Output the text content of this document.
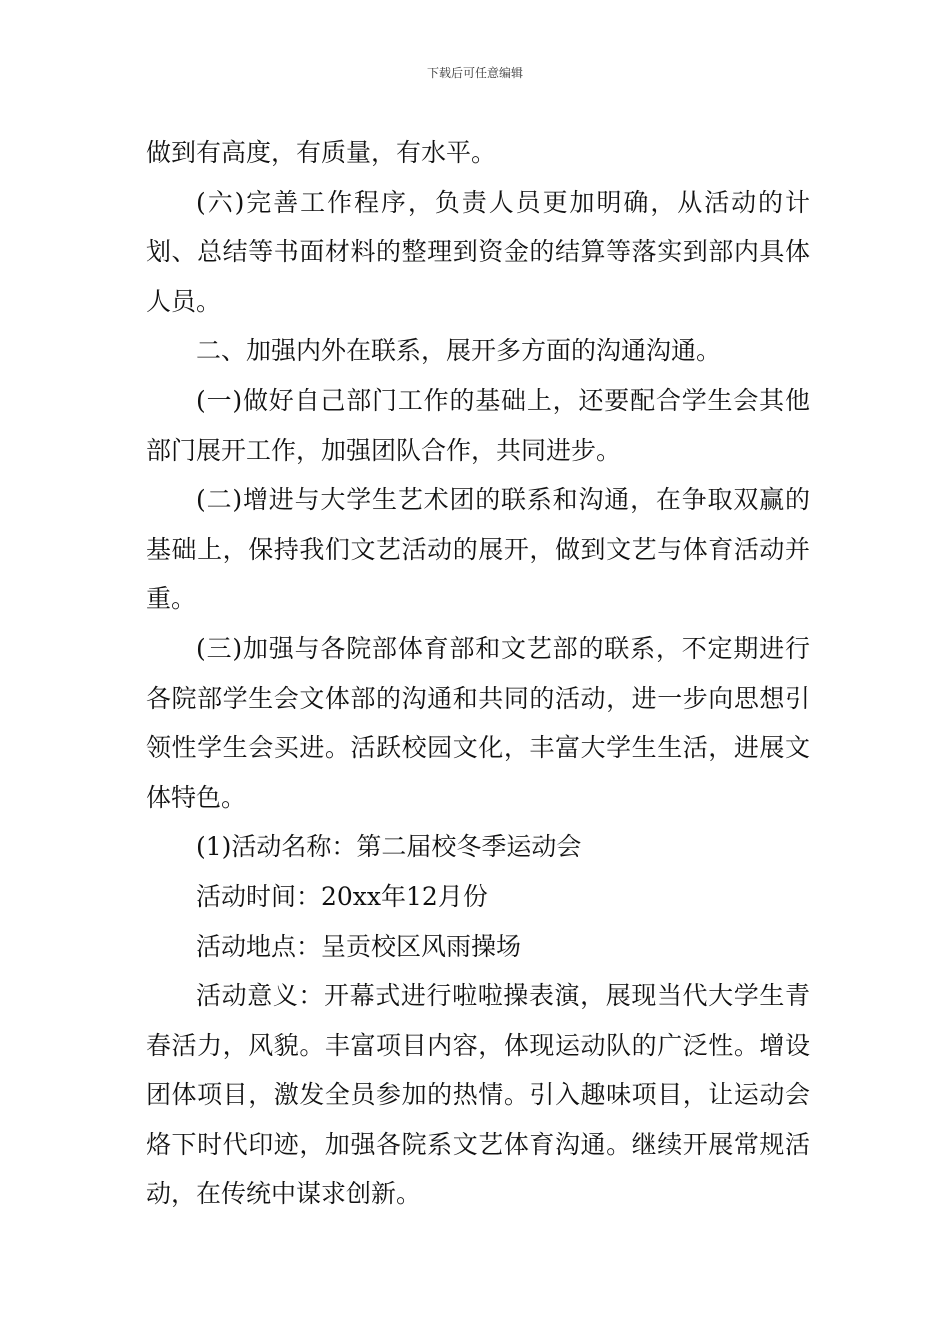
下载后可任意编辑

做到有高度，有质量，有水平。

(六)完善工作程序，负责人员更加明确，从活动的计划、总结等书面材料的整理到资金的结算等落实到部内具体人员。

二、加强内外在联系，展开多方面的沟通沟通。

(一)做好自己部门工作的基础上，还要配合学生会其他部门展开工作，加强团队合作，共同进步。

(二)增进与大学生艺术团的联系和沟通，在争取双赢的基础上，保持我们文艺活动的展开，做到文艺与体育活动并重。

(三)加强与各院部体育部和文艺部的联系，不定期进行各院部学生会文体部的沟通和共同的活动，进一步向思想引领性学生会买进。活跃校园文化，丰富大学生生活，进展文体特色。

(1)活动名称：第二届校冬季运动会

活动时间：20xx年12月份

活动地点：呈贡校区风雨操场

活动意义：开幕式进行啦啦操表演，展现当代大学生青春活力，风貌。丰富项目内容，体现运动队的广泛性。增设团体项目，激发全员参加的热情。引入趣味项目，让运动会烙下时代印迹，加强各院系文艺体育沟通。继续开展常规活动，在传统中谋求创新。
